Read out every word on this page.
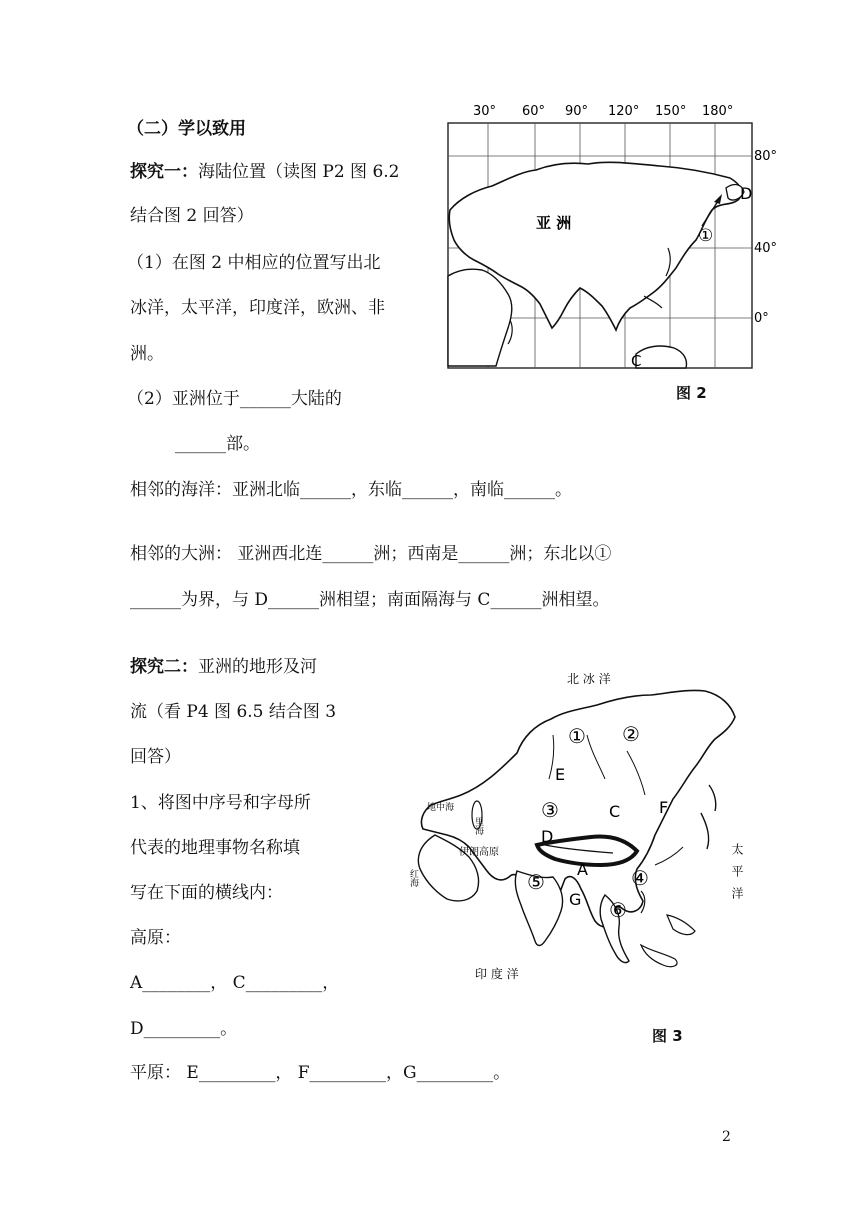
（二）学以致用
探究一：海陆位置（读图 P2 图 6.2
结合图 2 回答）
（1）在图 2 中相应的位置写出北
冰洋，太平洋，印度洋，欧洲、非
洲。
（2）亚洲位于______大陆的
______部。
相邻的海洋：亚洲北临______，东临______，南临______。
相邻的大洲： 亚洲西北连______洲；西南是______洲；东北以①
______为界，与 D______洲相望；南面隔海与 C______洲相望。
30° 60° 90° 120° 150° 180°
80°
40°
0°
亚 洲
D
①
C
图 2
探究二：亚洲的地形及河
流（看 P4 图 6.5 结合图 3
回答）
1、将图中序号和字母所
代表的地理事物名称填
写在下面的横线内：
高原：
A________， C_________，
D_________。
平原： E_________， F_________，G_________。
北 冰 洋
伊朗高原
里海
地中海
红海	太平洋
印 度 洋
A
C
D
E
F
G
① ②
③
④
⑤
⑥
图 3
2
